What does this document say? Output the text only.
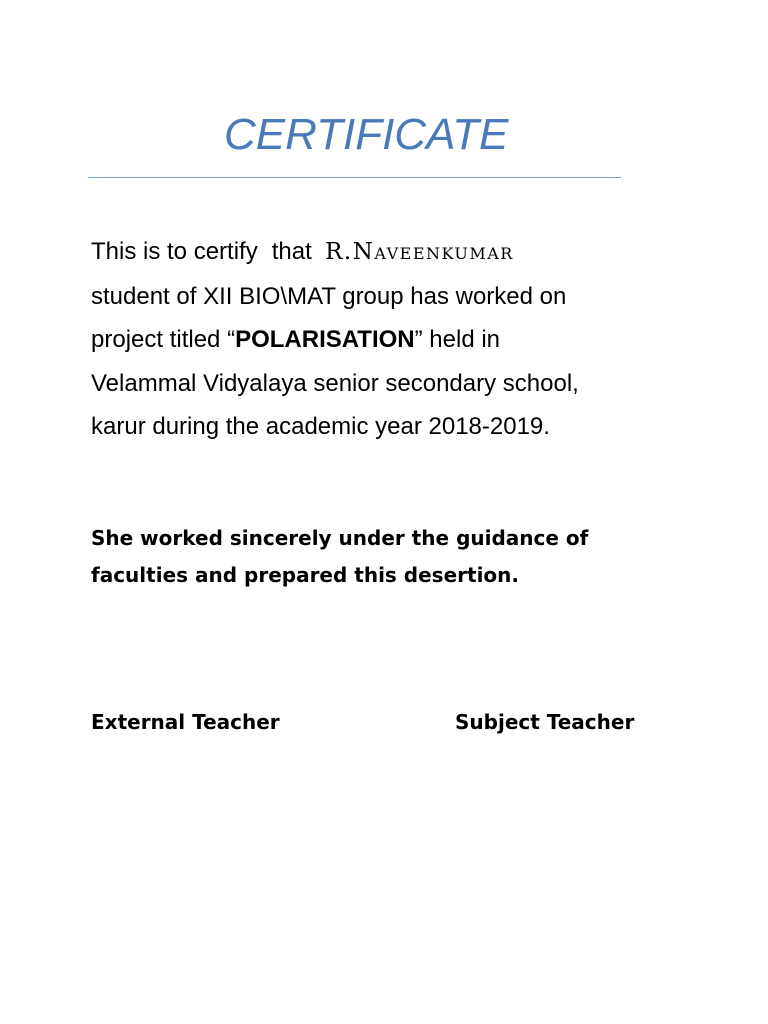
CERTIFICATE
This is to certify that R.Naveenkumar
student of XII BIO\MAT group has worked on
project titled “POLARISATION” held in
Velammal Vidyalaya senior secondary school,
karur during the academic year 2018-2019.
She worked sincerely under the guidance of
faculties and prepared this desertion.
External Teacher	Subject Teacher
